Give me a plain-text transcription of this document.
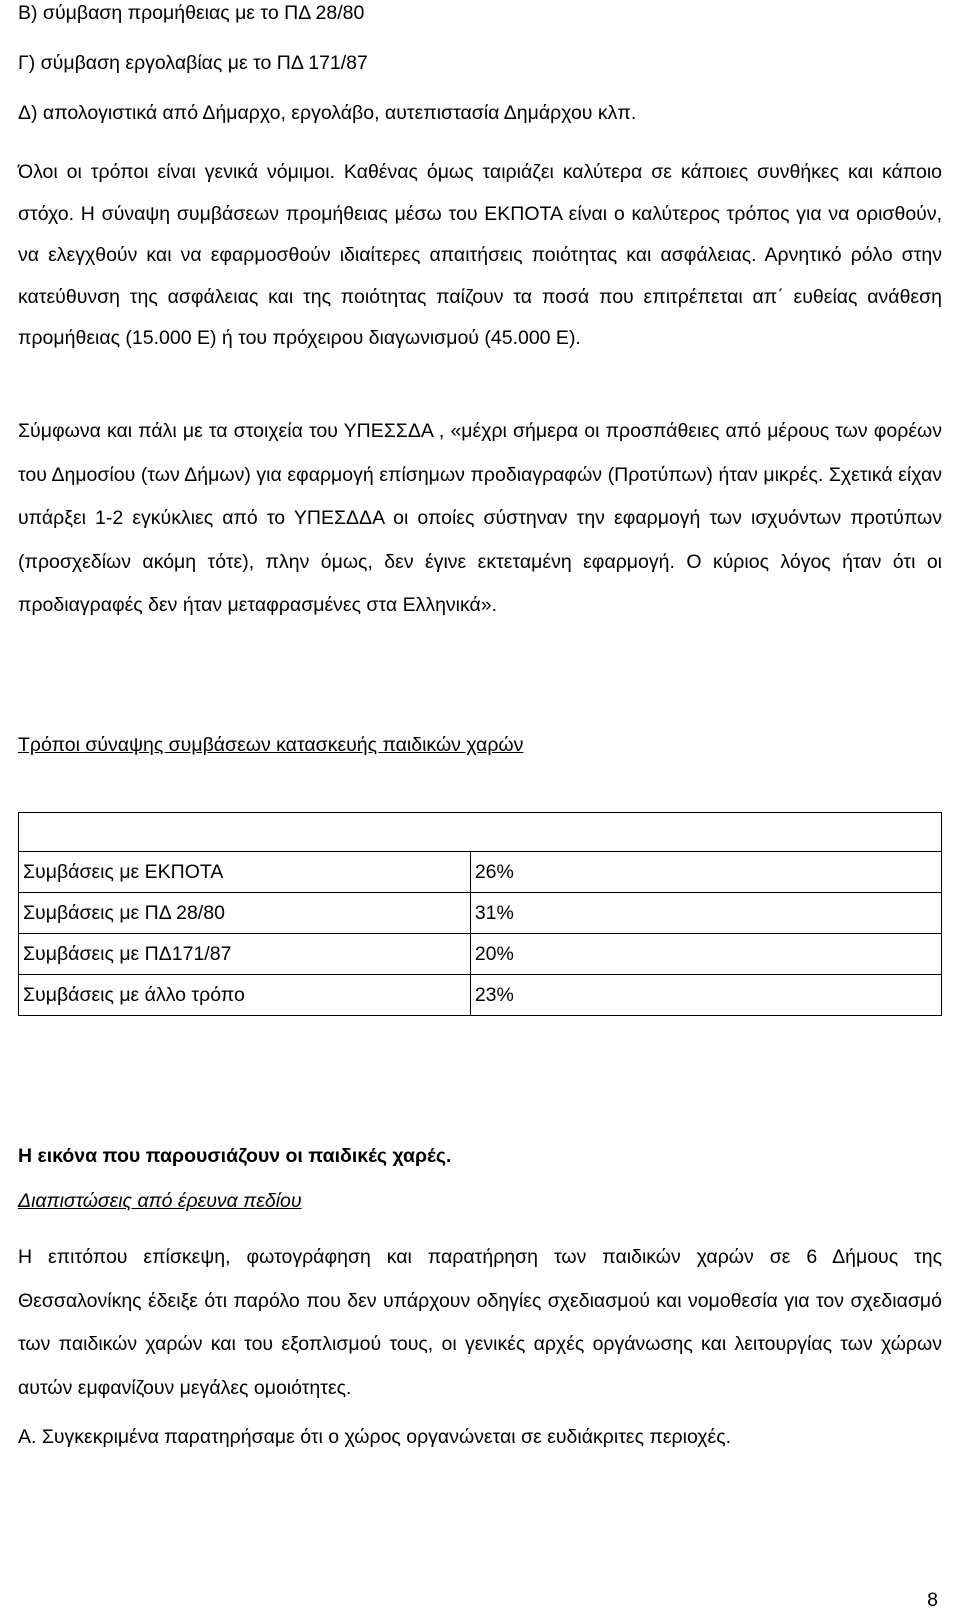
Β) σύμβαση προμήθειας με το ΠΔ 28/80
Γ) σύμβαση εργολαβίας με το ΠΔ 171/87
Δ) απολογιστικά από Δήμαρχο, εργολάβο, αυτεπιστασία Δημάρχου κλπ.
Όλοι οι τρόποι είναι γενικά νόμιμοι. Καθένας όμως ταιριάζει καλύτερα σε κάποιες συνθήκες και κάποιο στόχο. Η σύναψη συμβάσεων προμήθειας μέσω του ΕΚΠΟΤΑ είναι ο καλύτερος τρόπος για να ορισθούν, να ελεγχθούν και να εφαρμοσθούν ιδιαίτερες απαιτήσεις ποιότητας και ασφάλειας. Αρνητικό ρόλο στην κατεύθυνση της ασφάλειας και της ποιότητας παίζουν τα ποσά που επιτρέπεται απ΄ ευθείας ανάθεση προμήθειας (15.000 Ε) ή του πρόχειρου διαγωνισμού (45.000 Ε).
Σύμφωνα και πάλι με τα στοιχεία του ΥΠΕΣΣΔΑ , «μέχρι σήμερα οι προσπάθειες από μέρους των φορέων του Δημοσίου (των Δήμων) για εφαρμογή επίσημων προδιαγραφών (Προτύπων) ήταν μικρές. Σχετικά είχαν υπάρξει 1-2 εγκύκλιες από το ΥΠΕΣΔΔΑ οι οποίες σύστηναν την εφαρμογή των ισχυόντων προτύπων (προσχεδίων ακόμη τότε), πλην όμως, δεν έγινε εκτεταμένη εφαρμογή. Ο κύριος λόγος ήταν ότι οι προδιαγραφές δεν ήταν μεταφρασμένες στα Ελληνικά».
Τρόποι σύναψης συμβάσεων κατασκευής παιδικών χαρών

Συμβάσεις με ΕΚΠΟΤΑ	26%
Συμβάσεις με ΠΔ 28/80	31%
Συμβάσεις με ΠΔ171/87	20%
Συμβάσεις με άλλο τρόπο	23%
Η εικόνα που παρουσιάζουν οι παιδικές χαρές.
Διαπιστώσεις από έρευνα πεδίου
Η επιτόπου επίσκεψη, φωτογράφηση και παρατήρηση των παιδικών χαρών σε 6 Δήμους της Θεσσαλονίκης έδειξε ότι παρόλο που δεν υπάρχουν οδηγίες σχεδιασμού και νομοθεσία για τον σχεδιασμό των παιδικών χαρών και του εξοπλισμού τους, οι γενικές αρχές οργάνωσης και λειτουργίας των χώρων αυτών εμφανίζουν μεγάλες ομοιότητες.
Α. Συγκεκριμένα παρατηρήσαμε ότι ο χώρος οργανώνεται σε ευδιάκριτες περιοχές.
8
